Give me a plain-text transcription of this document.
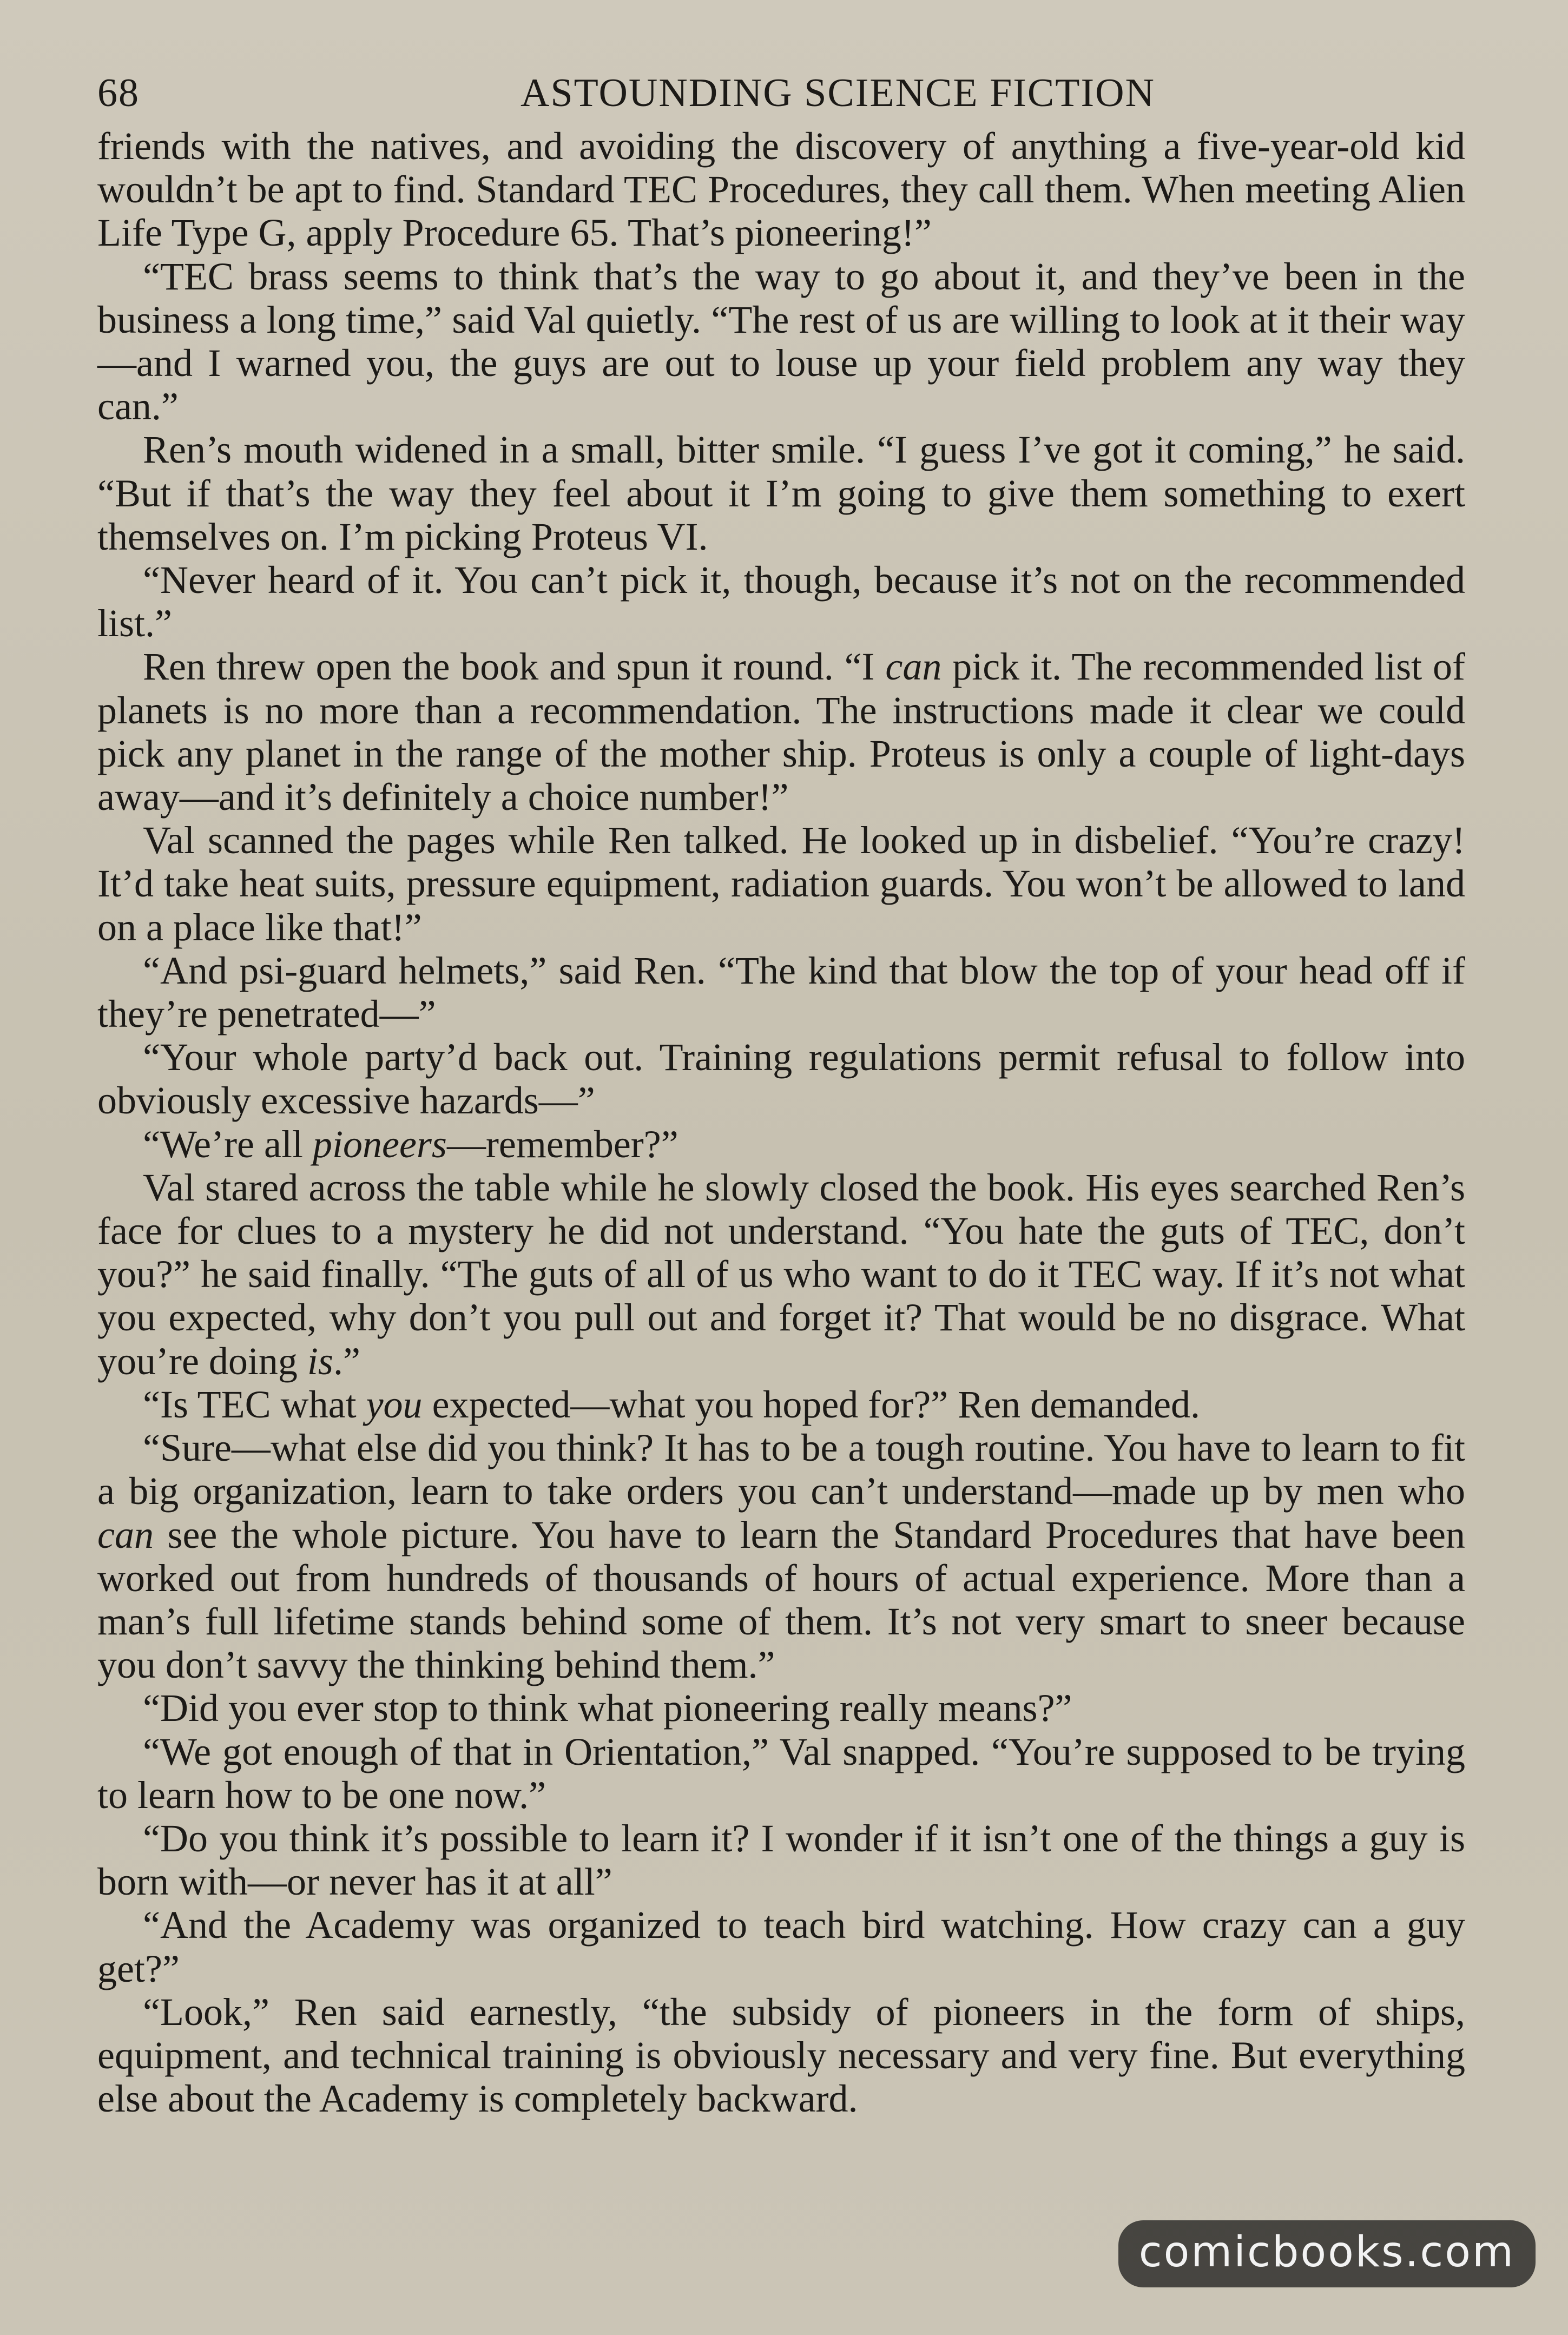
68	ASTOUNDING SCIENCE FICTION

friends with the natives, and avoiding the discovery of anything a five-year-old kid wouldn’t be apt to find. Standard TEC Procedures, they call them. When meeting Alien Life Type G, apply Procedure 65. That’s pioneering!”

“TEC brass seems to think that’s the way to go about it, and they’ve been in the business a long time,” said Val quietly. “The rest of us are willing to look at it their way—and I warned you, the guys are out to louse up your field problem any way they can.”

Ren’s mouth widened in a small, bitter smile. “I guess I’ve got it coming,” he said. “But if that’s the way they feel about it I’m going to give them something to exert themselves on. I’m picking Proteus VI.

“Never heard of it. You can’t pick it, though, because it’s not on the recommended list.”

Ren threw open the book and spun it round. “I can pick it. The recommended list of planets is no more than a recommendation. The instructions made it clear we could pick any planet in the range of the mother ship. Proteus is only a couple of light-days away—and it’s definitely a choice number!”

Val scanned the pages while Ren talked. He looked up in disbelief. “You’re crazy! It’d take heat suits, pressure equipment, radiation guards. You won’t be allowed to land on a place like that!”

“And psi-guard helmets,” said Ren. “The kind that blow the top of your head off if they’re penetrated—”

“Your whole party’d back out. Training regulations permit refusal to follow into obviously excessive hazards—”

“We’re all pioneers—remember?”

Val stared across the table while he slowly closed the book. His eyes searched Ren’s face for clues to a mystery he did not understand. “You hate the guts of TEC, don’t you?” he said finally. “The guts of all of us who want to do it TEC way. If it’s not what you expected, why don’t you pull out and forget it? That would be no disgrace. What you’re doing is.”

“Is TEC what you expected—what you hoped for?” Ren demanded.

“Sure—what else did you think? It has to be a tough routine. You have to learn to fit a big organization, learn to take orders you can’t understand—made up by men who can see the whole picture. You have to learn the Standard Procedures that have been worked out from hundreds of thousands of hours of actual experience. More than a man’s full lifetime stands behind some of them. It’s not very smart to sneer because you don’t savvy the thinking behind them.”

“Did you ever stop to think what pioneering really means?”

“We got enough of that in Orientation,” Val snapped. “You’re supposed to be trying to learn how to be one now.”

“Do you think it’s possible to learn it? I wonder if it isn’t one of the things a guy is born with—or never has it at all”

“And the Academy was organized to teach bird watching. How crazy can a guy get?”

“Look,” Ren said earnestly, “the subsidy of pioneers in the form of ships, equipment, and technical training is obviously necessary and very fine. But everything else about the Academy is completely backward.

comicbooks.com
